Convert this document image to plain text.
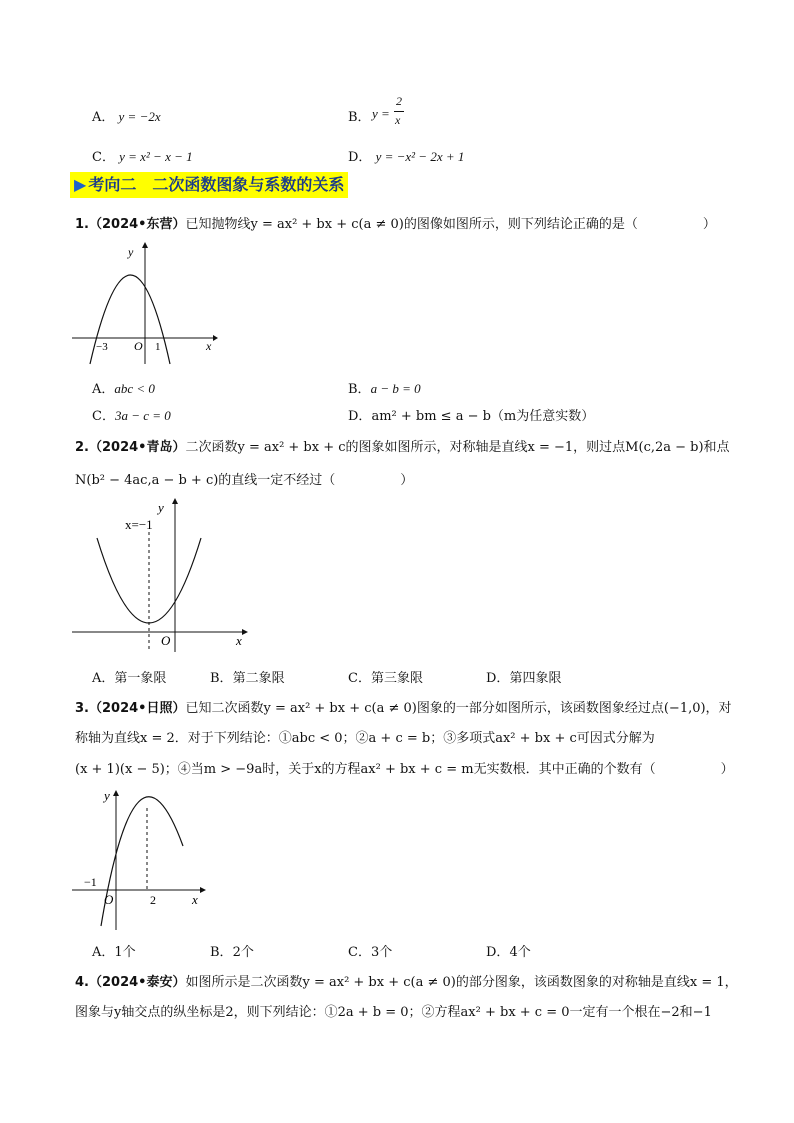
A． y = −2x	B． y =
2
x
C． y = x² − x − 1	D． y = −x² − 2x + 1
▶ 考向二　二次函数图象与系数的关系
1.（2024•东营）已知抛物线y = ax² + bx + c(a ≠ 0)的图像如图所示，则下列结论正确的是（　　　　　）
y
x
O
−3	1
A．abc < 0	B．a − b = 0
C．3a − c = 0	D．am² + bm ≤ a − b（m为任意实数）
2.（2024•青岛）二次函数y = ax² + bx + c的图象如图所示，对称轴是直线x = −1，则过点M(c,2a − b)和点
N(b² − 4ac,a − b + c)的直线一定不经过（　　　　　）
y
x
O
x=−1
A．第一象限	B．第二象限	C．第三象限	D．第四象限
3.（2024•日照）已知二次函数y = ax² + bx + c(a ≠ 0)图象的一部分如图所示，该函数图象经过点(−1,0)，对
称轴为直线x = 2．对于下列结论：①abc < 0；②a + c = b；③多项式ax² + bx + c可因式分解为
(x + 1)(x − 5)；④当m > −9a时，关于x的方程ax² + bx + c = m无实数根．其中正确的个数有（　　　　　）
y
x
O
−1
2
A．1个	B．2个	C．3个	D．4个
4.（2024•泰安）如图所示是二次函数y = ax² + bx + c(a ≠ 0)的部分图象，该函数图象的对称轴是直线x = 1，
图象与y轴交点的纵坐标是2，则下列结论：①2a + b = 0；②方程ax² + bx + c = 0一定有一个根在−2和−1
